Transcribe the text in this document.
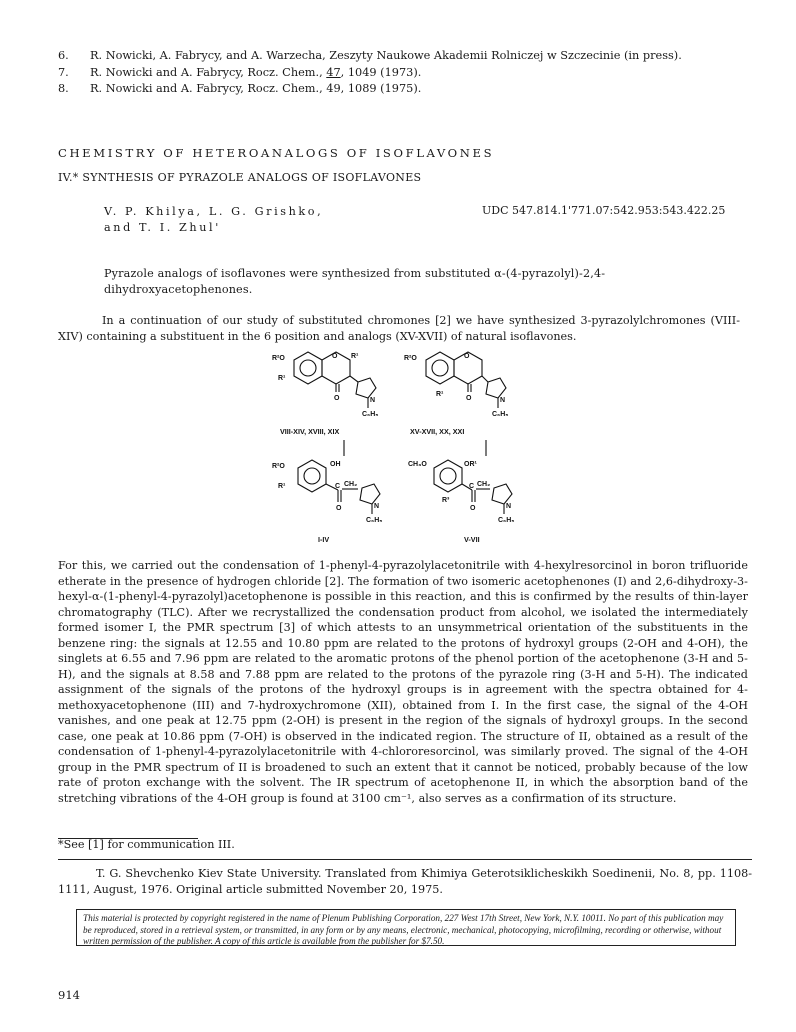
6.	R. Nowicki, A. Fabrycy, and A. Warzecha, Zeszyty Naukowe Akademii Rolniczej w Szczecinie (in press).
7.	R. Nowicki and A. Fabrycy, Rocz. Chem., 47, 1049 (1973).
8.	R. Nowicki and A. Fabrycy, Rocz. Chem., 49, 1089 (1975).
CHEMISTRY OF HETEROANALOGS OF ISOFLAVONES
IV.* SYNTHESIS OF PYRAZOLE ANALOGS OF ISOFLAVONES
V. P. Khilya, L. G. Grishko,
and T. I. Zhul'
UDC 547.814.1'771.07:542.953:543.422.25
Pyrazole analogs of isoflavones were synthesized from substituted α-(4-pyrazolyl)-2,4-dihydroxyacetophenones.
In a continuation of our study of substituted chromones [2] we have synthesized 3-pyrazolylchromones (VIII-XIV) containing a substituent in the 6 position and analogs (XV-XVII) of natural isoflavones.
R²O	O R¹
R¹
O	N
C₆H₅
VIII-XIV, XVIII, XIX
R²O	O
R¹
O	N
C₆H₅
XV-XVII, XX, XXI
R²O	OH
R¹	C CH₂
O	N
C₆H₅
I-IV
CH₃O	OR¹
R³
C CH₂
O	N
C₆H₅
V-VII
For this, we carried out the condensation of 1-phenyl-4-pyrazolylacetonitrile with 4-hexylresorcinol in boron trifluoride etherate in the presence of hydrogen chloride [2]. The formation of two isomeric acetophenones (I) and 2,6-dihydroxy-3-hexyl-α-(1-phenyl-4-pyrazolyl)acetophenone is possible in this reaction, and this is confirmed by the results of thin-layer chromatography (TLC). After we recrystallized the condensation product from alcohol, we isolated the intermediately formed isomer I, the PMR spectrum [3] of which attests to an unsymmetrical orientation of the substituents in the benzene ring: the signals at 12.55 and 10.80 ppm are related to the protons of hydroxyl groups (2-OH and 4-OH), the singlets at 6.55 and 7.96 ppm are related to the aromatic protons of the phenol portion of the acetophenone (3-H and 5-H), and the signals at 8.58 and 7.88 ppm are related to the protons of the pyrazole ring (3-H and 5-H). The indicated assignment of the signals of the protons of the hydroxyl groups is in agreement with the spectra obtained for 4-methoxyacetophenone (III) and 7-hydroxychromone (XII), obtained from I. In the first case, the signal of the 4-OH vanishes, and one peak at 12.75 ppm (2-OH) is present in the region of the signals of hydroxyl groups. In the second case, one peak at 10.86 ppm (7-OH) is observed in the indicated region. The structure of II, obtained as a result of the condensation of 1-phenyl-4-pyrazolylacetonitrile with 4-chlororesorcinol, was similarly proved. The signal of the 4-OH group in the PMR spectrum of II is broadened to such an extent that it cannot be noticed, probably because of the low rate of proton exchange with the solvent. The IR spectrum of acetophenone II, in which the absorption band of the stretching vibrations of the 4-OH group is found at 3100 cm⁻¹, also serves as a confirmation of its structure.
*See [1] for communication III.
T. G. Shevchenko Kiev State University. Translated from Khimiya Geterotsiklicheskikh Soedinenii, No. 8, pp. 1108-1111, August, 1976. Original article submitted November 20, 1975.
This material is protected by copyright registered in the name of Plenum Publishing Corporation, 227 West 17th Street, New York, N.Y. 10011. No part of this publication may be reproduced, stored in a retrieval system, or transmitted, in any form or by any means, electronic, mechanical, photocopying, microfilming, recording or otherwise, without written permission of the publisher. A copy of this article is available from the publisher for $7.50.
914
